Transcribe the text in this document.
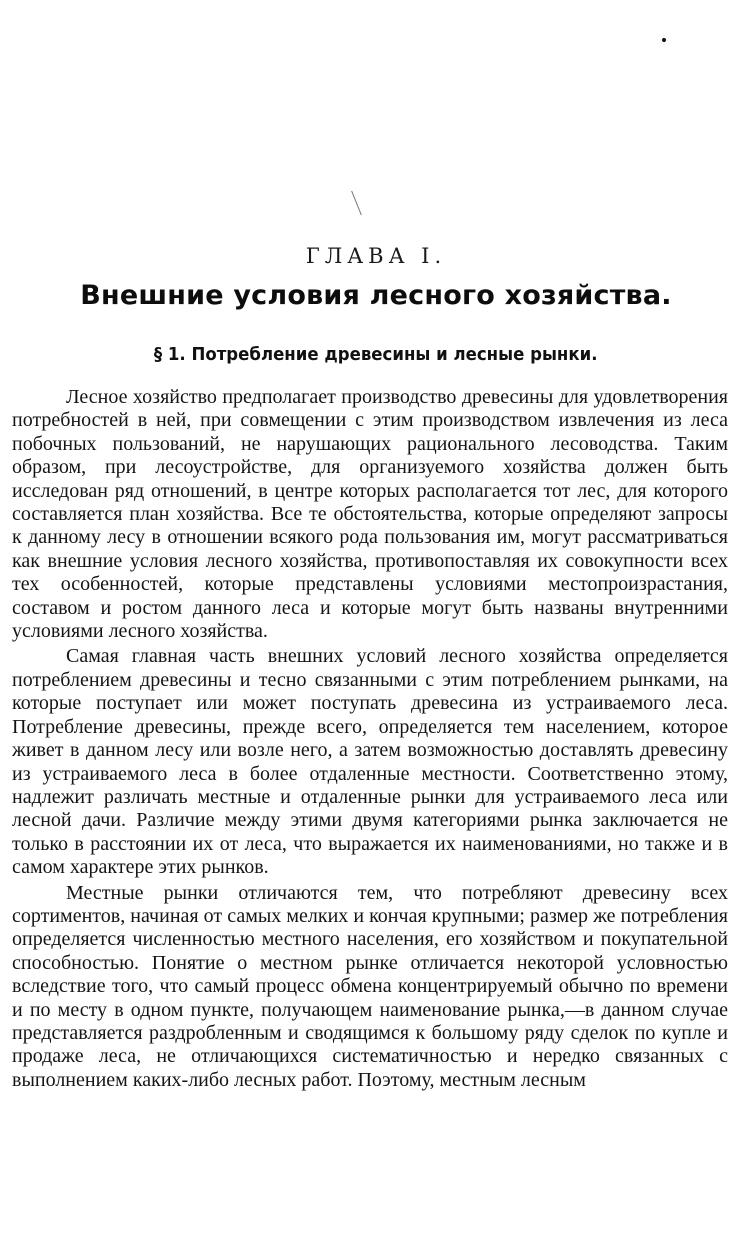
ГЛАВА I.
Внешние условия лесного хозяйства.
§ 1. Потребление древесины и лесные рынки.

Лесное хозяйство предполагает производство древесины для удовлетворения потребностей в ней, при совмещении с этим производством извлечения из леса побочных пользований, не нарушающих рационального лесоводства. Таким образом, при лесоустройстве, для организуемого хозяйства должен быть исследован ряд отношений, в центре которых располагается тот лес, для которого составляется план хозяйства. Все те обстоятельства, которые определяют запросы к данному лесу в отношении всякого рода пользования им, могут рассматриваться как внешние условия лесного хозяйства, противопоставляя их совокупности всех тех особенностей, которые представлены условиями местопроизрастания, составом и ростом данного леса и которые могут быть названы внутренними условиями лесного хозяйства.

Самая главная часть внешних условий лесного хозяйства определяется потреблением древесины и тесно связанными с этим потреблением рынками, на которые поступает или может поступать древесина из устраиваемого леса. Потребление древесины, прежде всего, определяется тем населением, которое живет в данном лесу или возле него, а затем возможностью доставлять древесину из устраиваемого леса в более отдаленные местности. Соответственно этому, надлежит различать местные и отдаленные рынки для устраиваемого леса или лесной дачи. Различие между этими двумя категориями рынка заключается не только в расстоянии их от леса, что выражается их наименованиями, но также и в самом характере этих рынков.

Местные рынки отличаются тем, что потребляют древесину всех сортиментов, начиная от самых мелких и кончая крупными; размер же потребления определяется численностью местного населения, его хозяйством и покупательной способностью. Понятие о местном рынке отличается некоторой условностью вследствие того, что самый процесс обмена концентрируемый обычно по времени и по месту в одном пункте, получающем наименование рынка,—в данном случае представляется раздробленным и сводящимся к большому ряду сделок по купле и продаже леса, не отличающихся систематичностью и нередко связанных с выполнением каких-либо лесных работ. Поэтому, местным лесным
